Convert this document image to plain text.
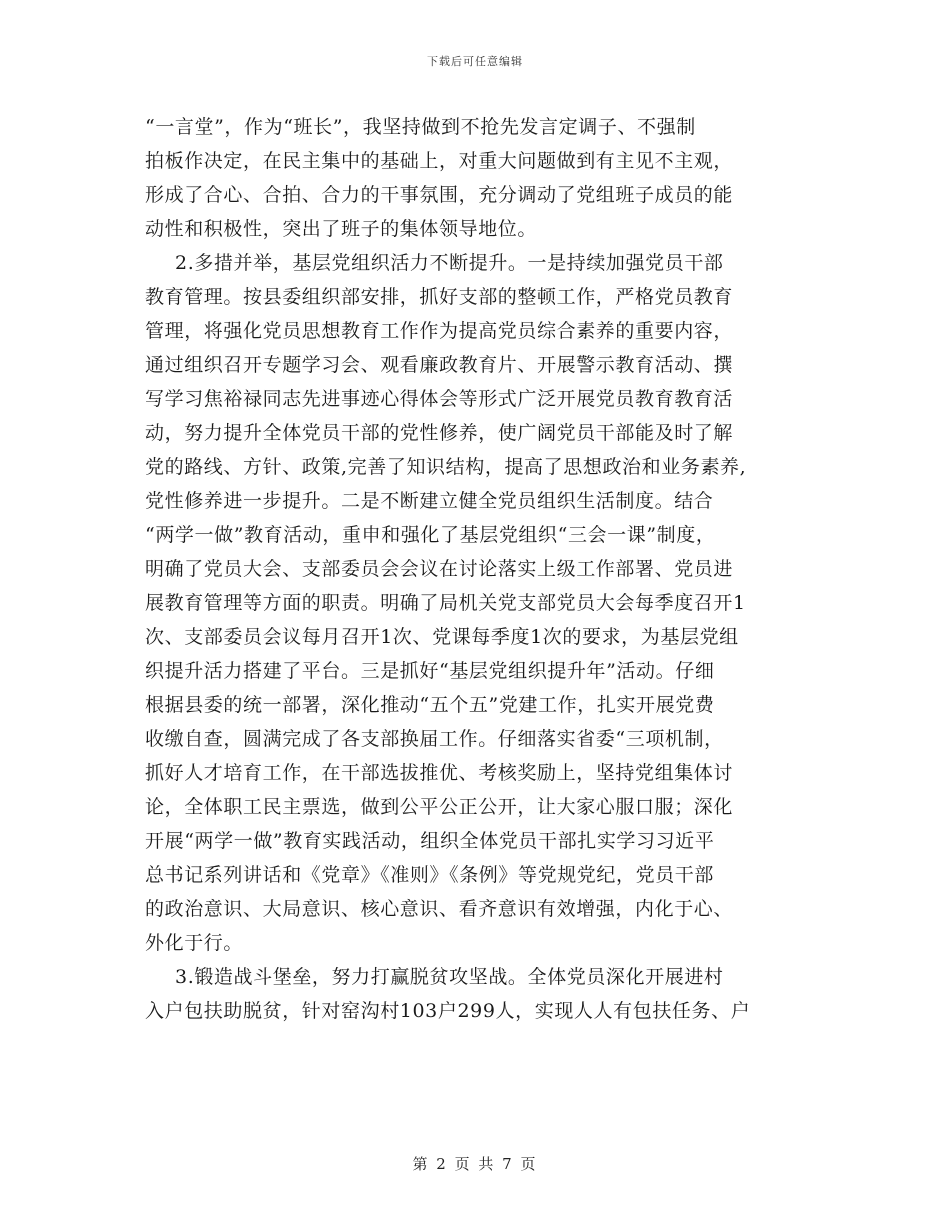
下载后可任意编辑
“一言堂”，作为“班长”，我坚持做到不抢先发言定调子、不强制
拍板作决定，在民主集中的基础上，对重大问题做到有主见不主观，
形成了合心、合拍、合力的干事氛围，充分调动了党组班子成员的能
动性和积极性，突出了班子的集体领导地位。
2.多措并举，基层党组织活力不断提升。一是持续加强党员干部
教育管理。按县委组织部安排，抓好支部的整顿工作，严格党员教育
管理，将强化党员思想教育工作作为提高党员综合素养的重要内容，
通过组织召开专题学习会、观看廉政教育片、开展警示教育活动、撰
写学习焦裕禄同志先进事迹心得体会等形式广泛开展党员教育教育活
动，努力提升全体党员干部的党性修养，使广阔党员干部能及时了解
党的路线、方针、政策,完善了知识结构，提高了思想政治和业务素养,
党性修养进一步提升。二是不断建立健全党员组织生活制度。结合
“两学一做”教育活动，重申和强化了基层党组织“三会一课”制度，
明确了党员大会、支部委员会会议在讨论落实上级工作部署、党员进
展教育管理等方面的职责。明确了局机关党支部党员大会每季度召开1
次、支部委员会议每月召开1次、党课每季度1次的要求，为基层党组
织提升活力搭建了平台。三是抓好“基层党组织提升年”活动。仔细
根据县委的统一部署，深化推动“五个五”党建工作，扎实开展党费
收缴自查，圆满完成了各支部换届工作。仔细落实省委“三项机制，
抓好人才培育工作，在干部选拔推优、考核奖励上，坚持党组集体讨
论，全体职工民主票选，做到公平公正公开，让大家心服口服；深化
开展“两学一做”教育实践活动，组织全体党员干部扎实学习习近平
总书记系列讲话和《党章》《准则》《条例》等党规党纪，党员干部
的政治意识、大局意识、核心意识、看齐意识有效增强，内化于心、
外化于行。
3.锻造战斗堡垒，努力打赢脱贫攻坚战。全体党员深化开展进村
入户包扶助脱贫，针对窑沟村103户299人，实现人人有包扶任务、户
第 2 页 共 7 页
